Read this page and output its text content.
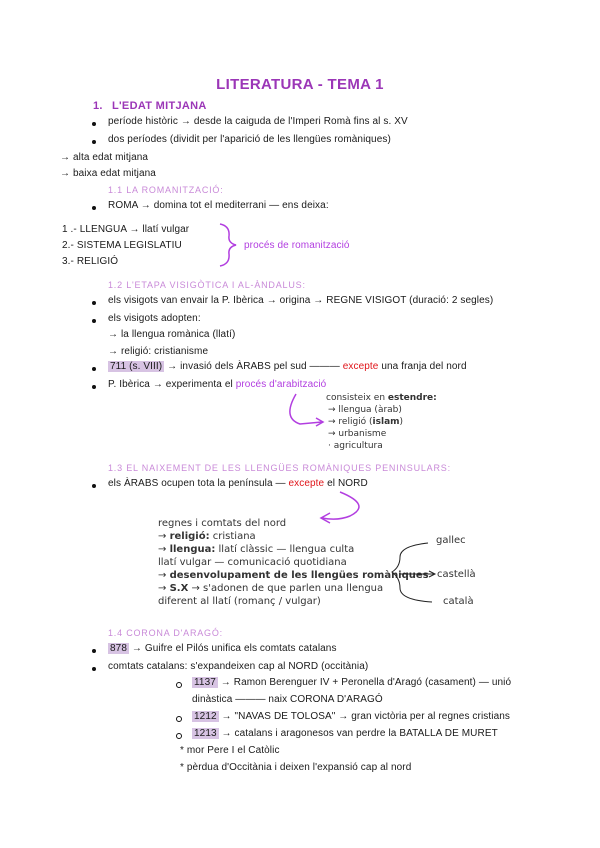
LITERATURA - TEMA 1
1. L'EDAT MITJANA
període històric → desde la caiguda de l'Imperi Romà fins al s. XV
dos períodes (dividit per l'aparició de les llengües romàniques)
→ alta edat mitjana
→ baixa edat mitjana
1.1 LA ROMANITZACIÓ:
ROMA → domina tot el mediterrani — ens deixa:
1 .- LLENGUA → llatí vulgar
2.- SISTEMA LEGISLATIU
3.- RELIGIÓ
procés de romanització
1.2 L'ETAPA VISIGÒTICA I AL-ÀNDALUS:
els visigots van envair la P. Ibèrica → origina → REGNE VISIGOT (duració: 2 segles)
els visigots adopten:
→ la llengua romànica (llatí)
→ religió: cristianisme
711 (s. VIII) → invasió dels ÀRABS pel sud ——— excepte una franja del nord
P. Ibèrica → experimenta el procés d'arabització
consisteix en estendre:
→ llengua (àrab)
→ religió (islam)
→ urbanisme
· agricultura
1.3 EL NAIXEMENT DE LES LLENGÜES ROMÀNIQUES PENINSULARS:
els ÀRABS ocupen tota la península — excepte el NORD
regnes i comtats del nord
→ religió: cristiana
→ llengua: llatí clàssic — llengua culta
llatí vulgar — comunicació quotidiana
→ desenvolupament de les llengües romàniques
→ S.X → s'adonen de que parlen una llengua
diferent al llatí (romanç / vulgar)
gallec
castellà
català
1.4 CORONA D'ARAGÓ:
878 → Guifre el Pilós unifica els comtats catalans
comtats catalans: s'expandeixen cap al NORD (occitània)
1137 → Ramon Berenguer IV + Peronella d'Aragó (casament) — unió
dinàstica ——— naix CORONA D'ARAGÓ
1212 → "NAVAS DE TOLOSA" → gran victòria per al regnes cristians
1213 → catalans i aragonesos van perdre la BATALLA DE MURET
* mor Pere I el Catòlic
* pèrdua d'Occitània i deixen l'expansió cap al nord
